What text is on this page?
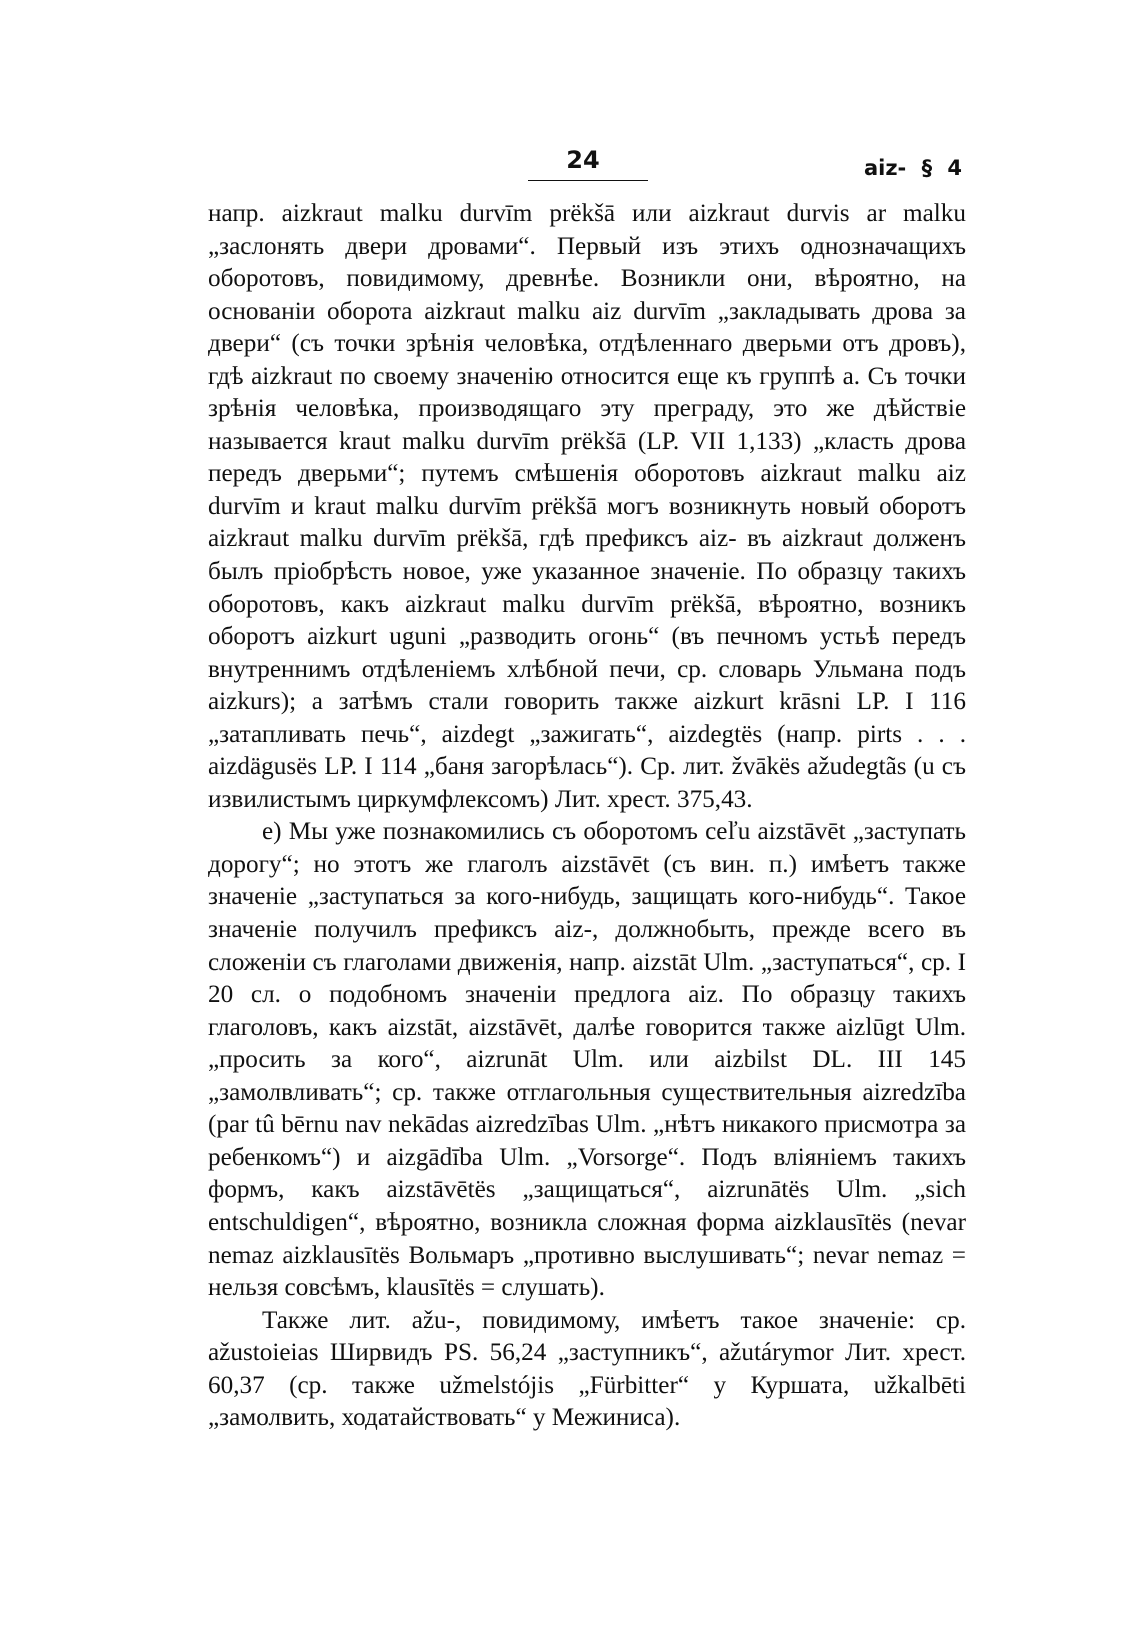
24	aiz- § 4

напр. aizkraut malku durvīm prëkšā или aizkraut durvis ar malku „заслонять двери дровами“. Первый изъ этихъ однозначащихъ оборотовъ, повидимому, древнѣе. Возникли они, вѣроятно, на основанiи оборота aizkraut malku aiz durvīm „закладывать дрова за двери“ (съ точки зрѣнiя человѣка, отдѣленнаго дверьми отъ дровъ), гдѣ aizkraut по своему значенiю относится еще къ группѣ a. Съ точки зрѣнiя человѣка, производящаго эту преграду, это же дѣйствiе называется kraut malku durvīm prëkšā (LP. VII 1,133) „класть дрова передъ дверьми“; путемъ смѣшенiя оборотовъ aizkraut malku aiz durvīm и kraut malku durvīm prëkšā могъ возникнуть новый оборотъ aizkraut malku durvīm prëkšā, гдѣ префиксъ aiz- въ aizkraut долженъ былъ прiобрѣсть новое, уже указанное значенiе. По образцу такихъ оборотовъ, какъ aizkraut malku durvīm prëkšā, вѣроятно, возникъ оборотъ aizkurt uguni „разводить огонь“ (въ печномъ устьѣ передъ внутреннимъ отдѣленiемъ хлѣбной печи, ср. словарь Ульмана подъ aizkurs); а затѣмъ стали говорить также aizkurt krāsni LP. I 116 „затапливать печь“, aizdegt „зажигать“, aizdegtës (напр. pirts . . . aizdägusës LP. I 114 „баня загорѣлась“). Ср. лит. žvākës ažudegtãs (u съ извилистымъ циркумфлексомъ) Лит. хрест. 375,43.

e) Мы уже познакомились съ оборотомъ ceľu aizstāvēt „заступать дорогу“; но этотъ же глаголъ aizstāvēt (съ вин. п.) имѣетъ также значенiе „заступаться за кого-нибудь, защищать кого-нибудь“. Такое значенiе получилъ префиксъ aiz-, должнобыть, прежде всего въ сложенiи съ глаголами движенiя, напр. aizstāt Ulm. „заступаться“, ср. I 20 сл. о подобномъ значенiи предлога aiz. По образцу такихъ глаголовъ, какъ aizstāt, aizstāvēt, далѣе говорится также aizlūgt Ulm. „просить за кого“, aizrunāt Ulm. или aizbilst DL. III 145 „замолвливать“; ср. также отглагольныя существительныя aizredzība (par tû bērnu nav nekādas aizredzības Ulm. „нѣтъ никакого присмотра за ребенкомъ“) и aizgādība Ulm. „Vorsorge“. Подъ влiянiемъ такихъ формъ, какъ aizstāvētës „защищаться“, aizrunātës Ulm. „sich entschuldigen“, вѣроятно, возникла сложная форма aizklausītës (nevar nemaz aizklausītës Вольмаръ „противно выслушивать“; nevar nemaz = нельзя совсѣмъ, klausītës = слушать).

Также лит. ažu-, повидимому, имѣетъ такое значенiе: ср. ažustoieias Ширвидъ PS. 56,24 „заступникъ“, ažutárymor Лит. хрест. 60,37 (ср. также užmelstójis „Fürbitter“ у Куршата, užkalbēti „замолвить, ходатайствовать“ у Межиниса).
